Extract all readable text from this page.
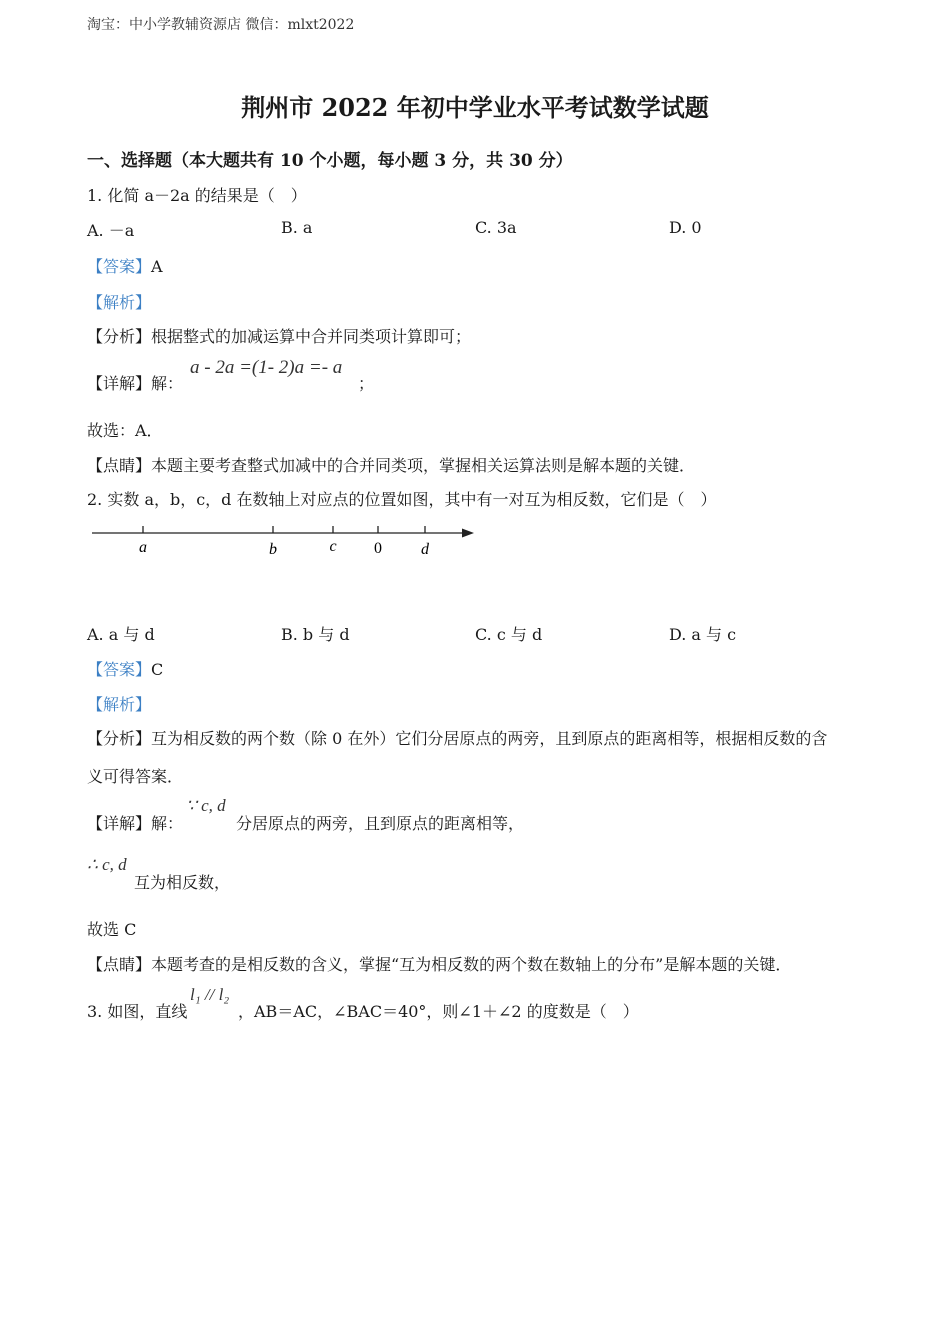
淘宝：中小学教辅资源店 微信：mlxt2022
荆州市 2022 年初中学业水平考试数学试题
一、选择题（本大题共有 10 个小题，每小题 3 分，共 30 分）
1. 化简 a－2a 的结果是（　）
A. －a	B. a	C. 3a	D. 0
【答案】A
【解析】
【分析】根据整式的加减运算中合并同类项计算即可；
【详解】解：
a - 2a =(1- 2)a =- a
；
故选：A．
【点睛】本题主要考查整式加减中的合并同类项，掌握相关运算法则是解本题的关键．
2. 实数 a，b，c，d 在数轴上对应点的位置如图，其中有一对互为相反数，它们是（　）
a	b	c 0 d
A. a 与 d	B. b 与 d	C. c 与 d	D. a 与 c
【答案】C
【解析】
【分析】互为相反数的两个数（除 0 在外）它们分居原点的两旁，且到原点的距离相等，根据相反数的含
义可得答案．
【详解】解：
∵ c, d
分居原点的两旁，且到原点的距离相等，
∴ c, d
互为相反数，
故选 C
【点睛】本题考查的是相反数的含义，掌握“互为相反数的两个数在数轴上的分布”是解本题的关键．
3. 如图，直线
l₁ // l₂
，AB＝AC，∠BAC＝40°，则∠1＋∠2 的度数是（　）
